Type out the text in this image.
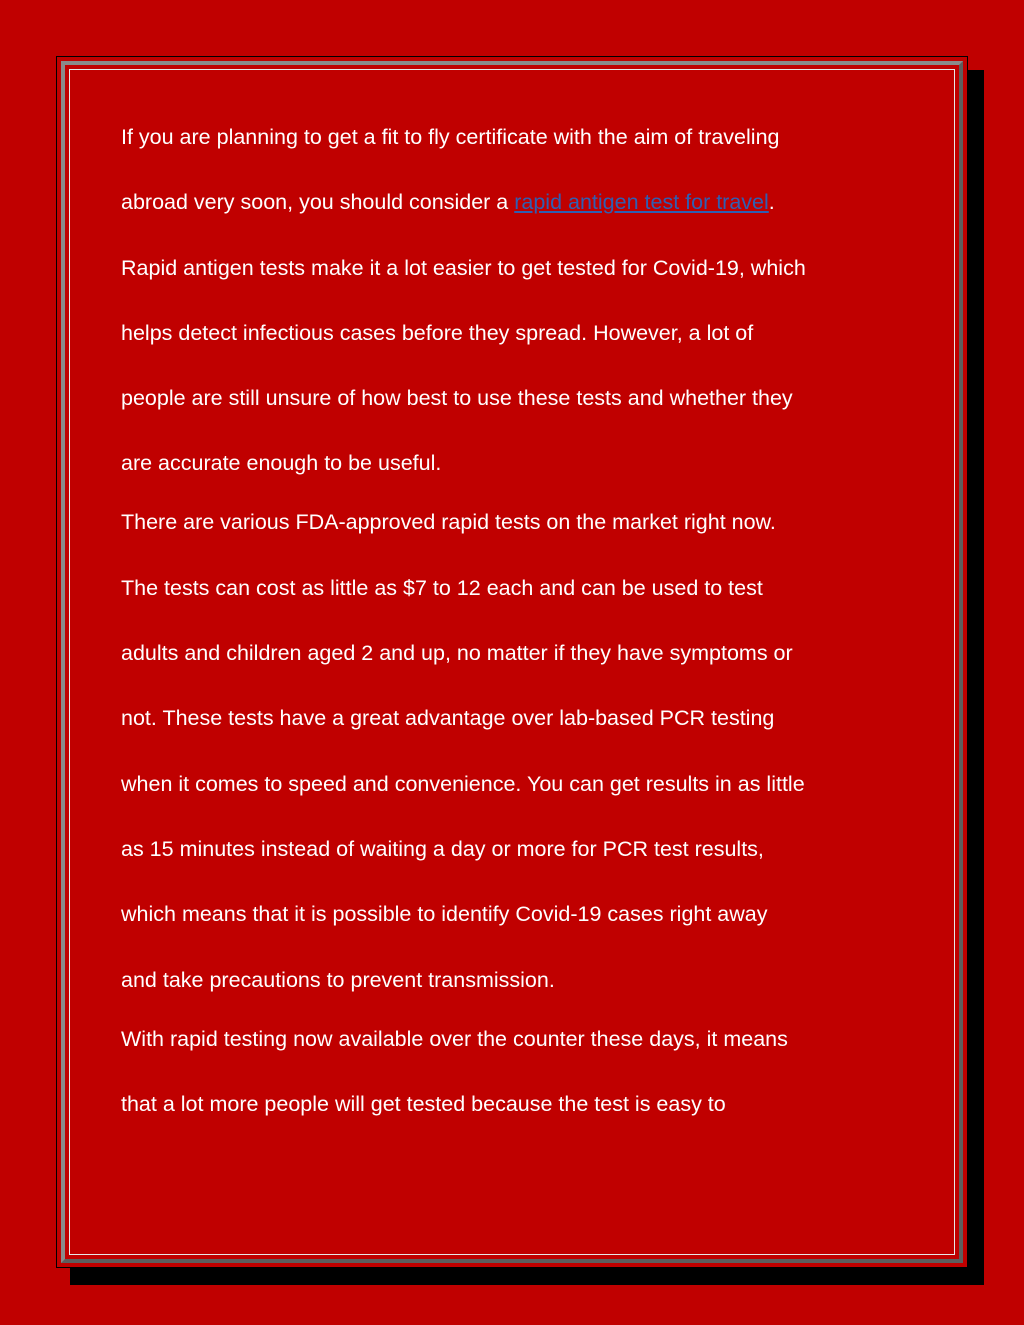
If you are planning to get a fit to fly certificate with the aim of traveling
abroad very soon, you should consider a rapid antigen test for travel.
Rapid antigen tests make it a lot easier to get tested for Covid-19, which
helps detect infectious cases before they spread. However, a lot of
people are still unsure of how best to use these tests and whether they
are accurate enough to be useful.

There are various FDA-approved rapid tests on the market right now.
The tests can cost as little as $7 to 12 each and can be used to test
adults and children aged 2 and up, no matter if they have symptoms or
not. These tests have a great advantage over lab-based PCR testing
when it comes to speed and convenience. You can get results in as little
as 15 minutes instead of waiting a day or more for PCR test results,
which means that it is possible to identify Covid-19 cases right away
and take precautions to prevent transmission.

With rapid testing now available over the counter these days, it means
that a lot more people will get tested because the test is easy to
